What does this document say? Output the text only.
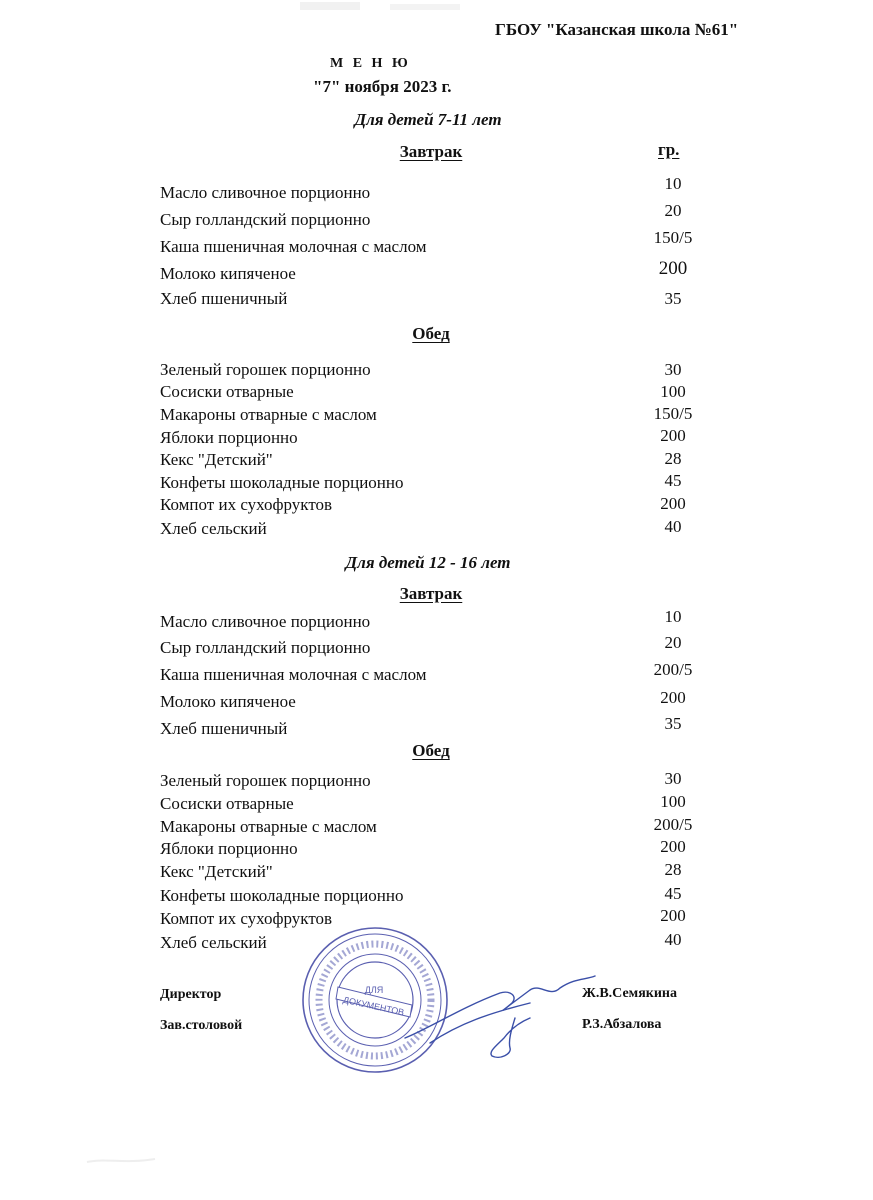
ГБОУ "Казанская школа №61"
М Е Н Ю
"7" ноября 2023 г.
Для детей 7-11 лет
Завтрак	гр.
Масло сливочное порционно	10
Сыр голландский порционно	20
Каша пшеничная молочная с маслом	150/5
Молоко кипяченое	200
Хлеб пшеничный	35
Обед
Зеленый горошек порционно	30
Сосиски отварные	100
Макароны отварные с маслом	150/5
Яблоки порционно	200
Кекс "Детский"	28
Конфеты шоколадные порционно	45
Компот их сухофруктов	200
Хлеб сельский	40
Для детей 12 - 16 лет
Завтрак
Масло сливочное порционно	10
Сыр голландский порционно	20
Каша пшеничная молочная с маслом	200/5
Молоко кипяченое	200
Хлеб пшеничный	35
Обед
Зеленый горошек порционно	30
Сосиски отварные	100
Макароны отварные с маслом	200/5
Яблоки порционно	200
Кекс "Детский"	28
Конфеты шоколадные порционно	45
Компот их сухофруктов	200
Хлеб сельский	40
ДЛЯ
ДОКУМЕНТОВ
Директор	Ж.В.Семякина
Зав.столовой	Р.З.Абзалова
